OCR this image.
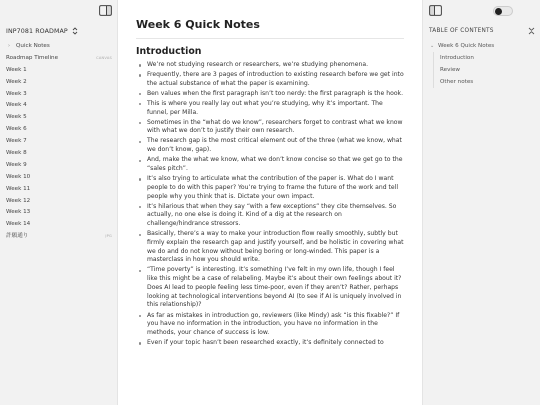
INP7081 ROADMAP
› Quick Notes
Roadmap Timeline	CANVAS
Week 1
Week 2
Week 3
Week 4
Week 5
Week 6
Week 7
Week 8
Week 9
Week 10
Week 11
Week 12
Week 13
Week 14
許願通り	JPG
Week 6 Quick Notes
Introduction
We’re not studying research or researchers, we’re studying phenomena.
Frequently, there are 3 pages of introduction to existing research before we get into the actual substance of what the paper is examining.
Ben values when the first paragraph isn’t too nerdy: the first paragraph is the hook.
This is where you really lay out what you’re studying, why it’s important. The funnel, per Milla.
Sometimes in the “what do we know”, researchers forget to contrast what we know with what we don’t to justify their own research.
The research gap is the most critical element out of the three (what we know, what we don’t know, gap).
And, make the what we know, what we don’t know concise so that we get go to the “sales pitch”.
It’s also trying to articulate what the contribution of the paper is. What do I want people to do with this paper? You’re trying to frame the future of the work and tell people why you think that is. Dictate your own impact.
It’s hilarious that when they say “with a few exceptions” they cite themselves. So actually, no one else is doing it. Kind of a dig at the research on challenge/hindrance stressors.
Basically, there’s a way to make your introduction flow really smoothly, subtly but firmly explain the research gap and justify yourself, and be holistic in covering what we do and do not know without being boring or long-winded. This paper is a masterclass in how you should write.
“Time poverty” is interesting. It’s something I’ve felt in my own life, though I feel like this might be a case of relabeling. Maybe it’s about their own feelings about it? Does AI lead to people feeling less time-poor, even if they aren’t? Rather, perhaps looking at technological interventions beyond AI (to see if AI is uniquely involved in this relationship)?
As far as mistakes in introduction go, reviewers (like Mindy) ask “is this fixable?” If you have no information in the introduction, you have no information in the methods, your chance of success is low.
Even if your topic hasn’t been researched exactly, it’s definitely connected to
TABLE OF CONTENTS
⌄ Week 6 Quick Notes
Introduction
Review
Other notes
